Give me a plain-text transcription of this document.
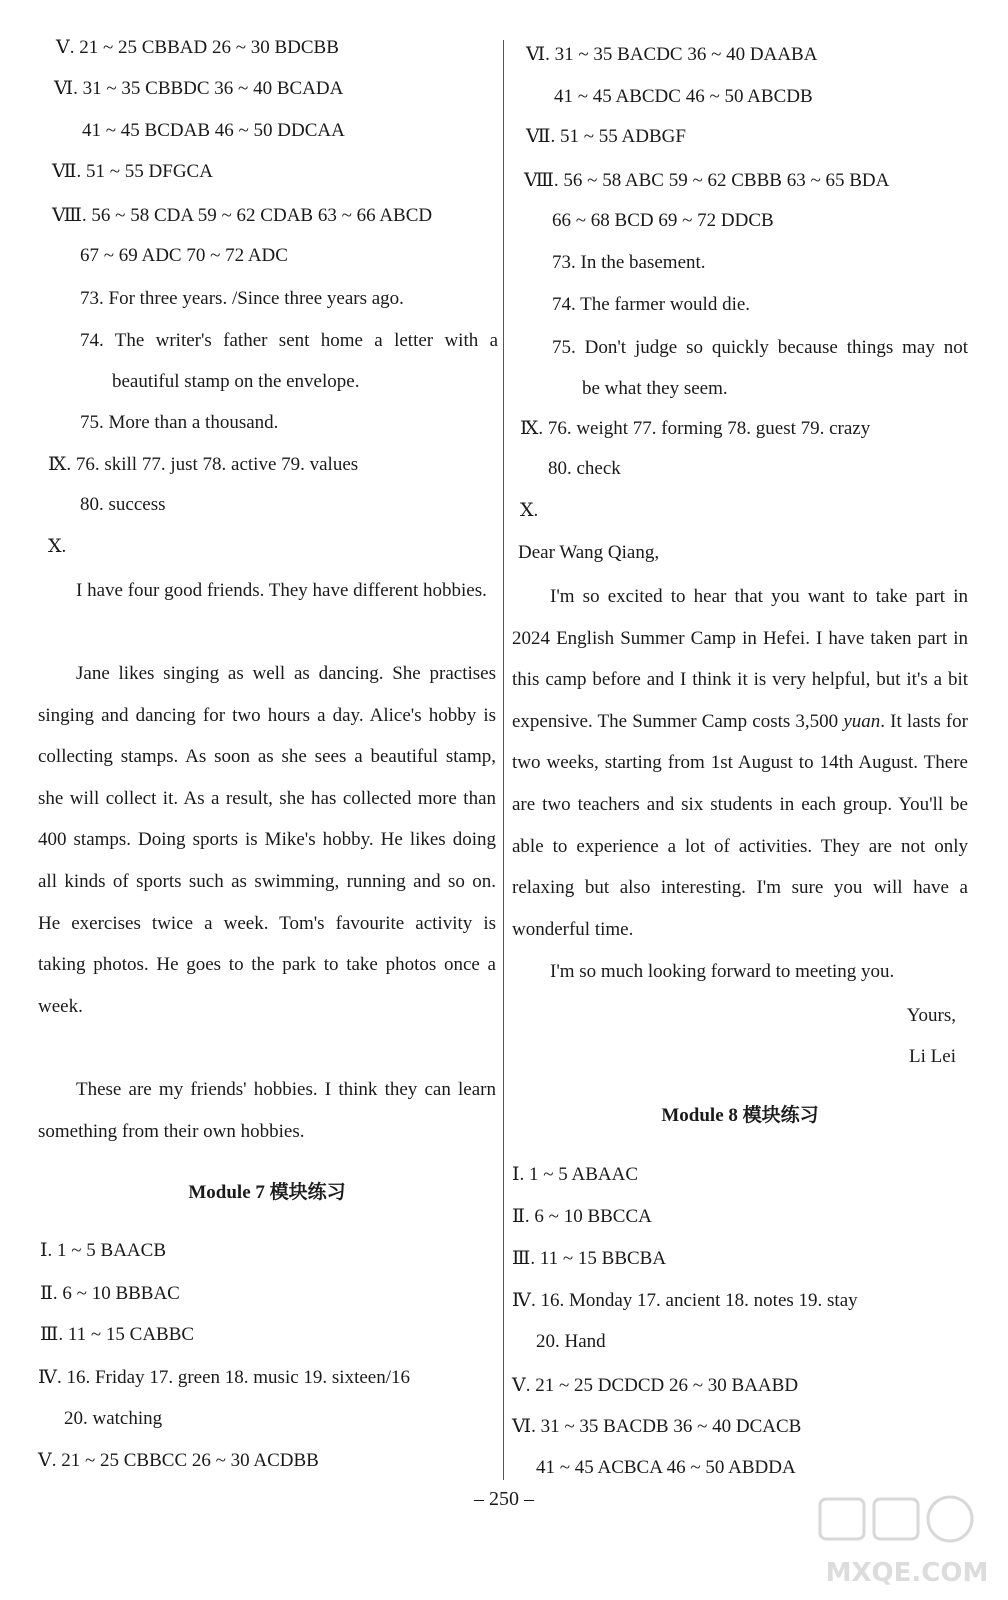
Ⅴ. 21 ~ 25 CBBAD 26 ~ 30 BDCBB
Ⅵ. 31 ~ 35 CBBDC 36 ~ 40 BCADA
41 ~ 45 BCDAB 46 ~ 50 DDCAA
Ⅶ. 51 ~ 55 DFGCA
Ⅷ. 56 ~ 58 CDA 59 ~ 62 CDAB 63 ~ 66 ABCD
67 ~ 69 ADC 70 ~ 72 ADC
73. For three years. /Since three years ago.
74. The writer's father sent home a letter with a
beautiful stamp on the envelope.
75. More than a thousand.
Ⅸ. 76. skill 77. just 78. active 79. values
80. success
Ⅹ.
I have four good friends. They have different hobbies.
Jane likes singing as well as dancing. She practises singing and dancing for two hours a day. Alice's hobby is collecting stamps. As soon as she sees a beautiful stamp, she will collect it. As a result, she has collected more than 400 stamps. Doing sports is Mike's hobby. He likes doing all kinds of sports such as swimming, running and so on. He exercises twice a week. Tom's favourite activity is taking photos. He goes to the park to take photos once a week.
These are my friends' hobbies. I think they can learn something from their own hobbies.
Module 7 模块练习
Ⅰ. 1 ~ 5 BAACB
Ⅱ. 6 ~ 10 BBBAC
Ⅲ. 11 ~ 15 CABBC
Ⅳ. 16. Friday 17. green 18. music 19. sixteen/16
20. watching
Ⅴ. 21 ~ 25 CBBCC 26 ~ 30 ACDBB
Ⅵ. 31 ~ 35 BACDC 36 ~ 40 DAABA
41 ~ 45 ABCDC 46 ~ 50 ABCDB
Ⅶ. 51 ~ 55 ADBGF
Ⅷ. 56 ~ 58 ABC 59 ~ 62 CBBB 63 ~ 65 BDA
66 ~ 68 BCD 69 ~ 72 DDCB
73. In the basement.
74. The farmer would die.
75. Don't judge so quickly because things may not
be what they seem.
Ⅸ. 76. weight 77. forming 78. guest 79. crazy
80. check
Ⅹ.
Dear Wang Qiang,
I'm so excited to hear that you want to take part in 2024 English Summer Camp in Hefei. I have taken part in this camp before and I think it is very helpful, but it's a bit expensive. The Summer Camp costs 3,500 yuan. It lasts for two weeks, starting from 1st August to 14th August. There are two teachers and six students in each group. You'll be able to experience a lot of activities. They are not only relaxing but also interesting. I'm sure you will have a wonderful time.
I'm so much looking forward to meeting you.
Yours,
Li Lei
Module 8 模块练习
Ⅰ. 1 ~ 5 ABAAC
Ⅱ. 6 ~ 10 BBCCA
Ⅲ. 11 ~ 15 BBCBA
Ⅳ. 16. Monday 17. ancient 18. notes 19. stay
20. Hand
Ⅴ. 21 ~ 25 DCDCD 26 ~ 30 BAABD
Ⅵ. 31 ~ 35 BACDB 36 ~ 40 DCACB
41 ~ 45 ACBCA 46 ~ 50 ABDDA
– 250 –
MXQE.COM
